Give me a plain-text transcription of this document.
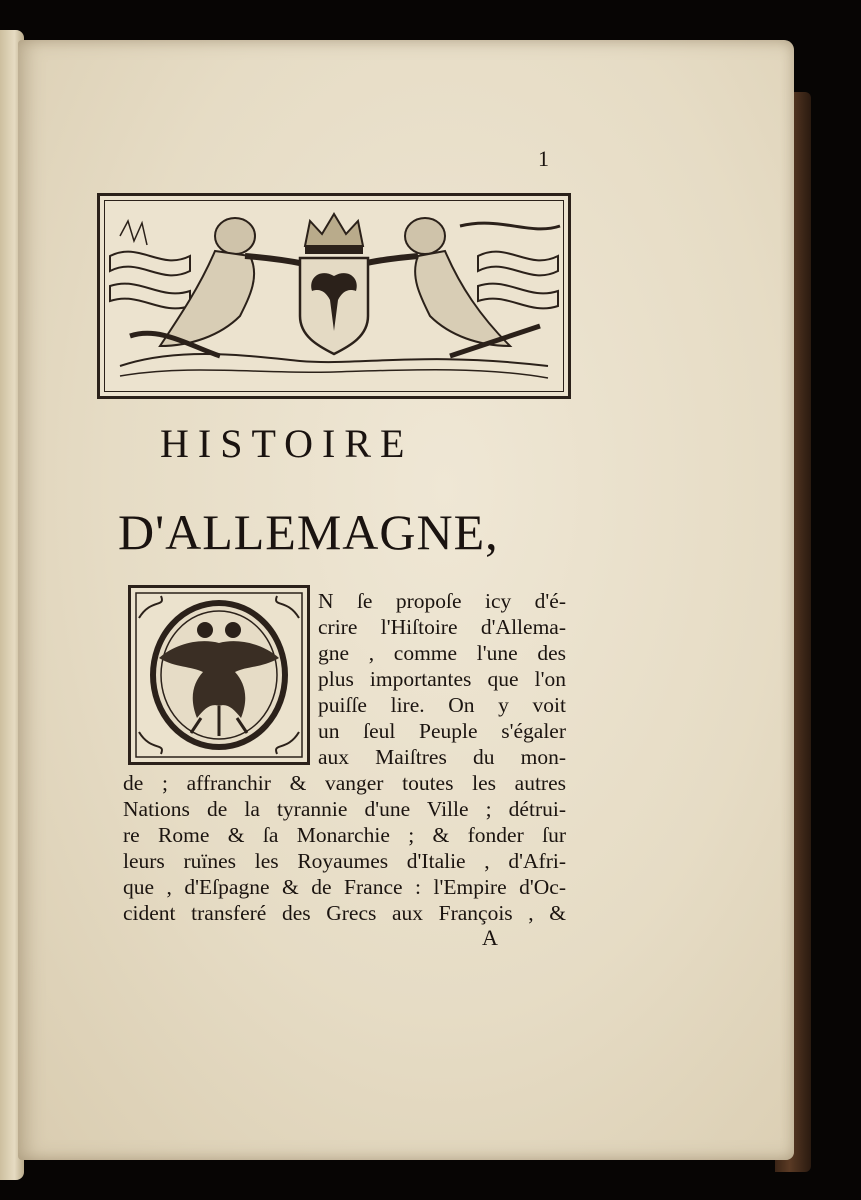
1
HISTOIRE
D'ALLEMAGNE,
N ſe propoſe icy d'é-
crire l'Hiſtoire d'Allema-
gne , comme l'une des
plus importantes que l'on
puiſſe lire. On y voit
un ſeul Peuple s'égaler
aux Maiſtres du mon-
de ; affranchir & vanger toutes les autres
Nations de la tyrannie d'une Ville ; détrui-
re Rome & ſa Monarchie ; & fonder ſur
leurs ruïnes les Royaumes d'Italie , d'Afri-
que , d'Eſpagne & de France : l'Empire d'Oc-
cident transferé des Grecs aux François , &
A
